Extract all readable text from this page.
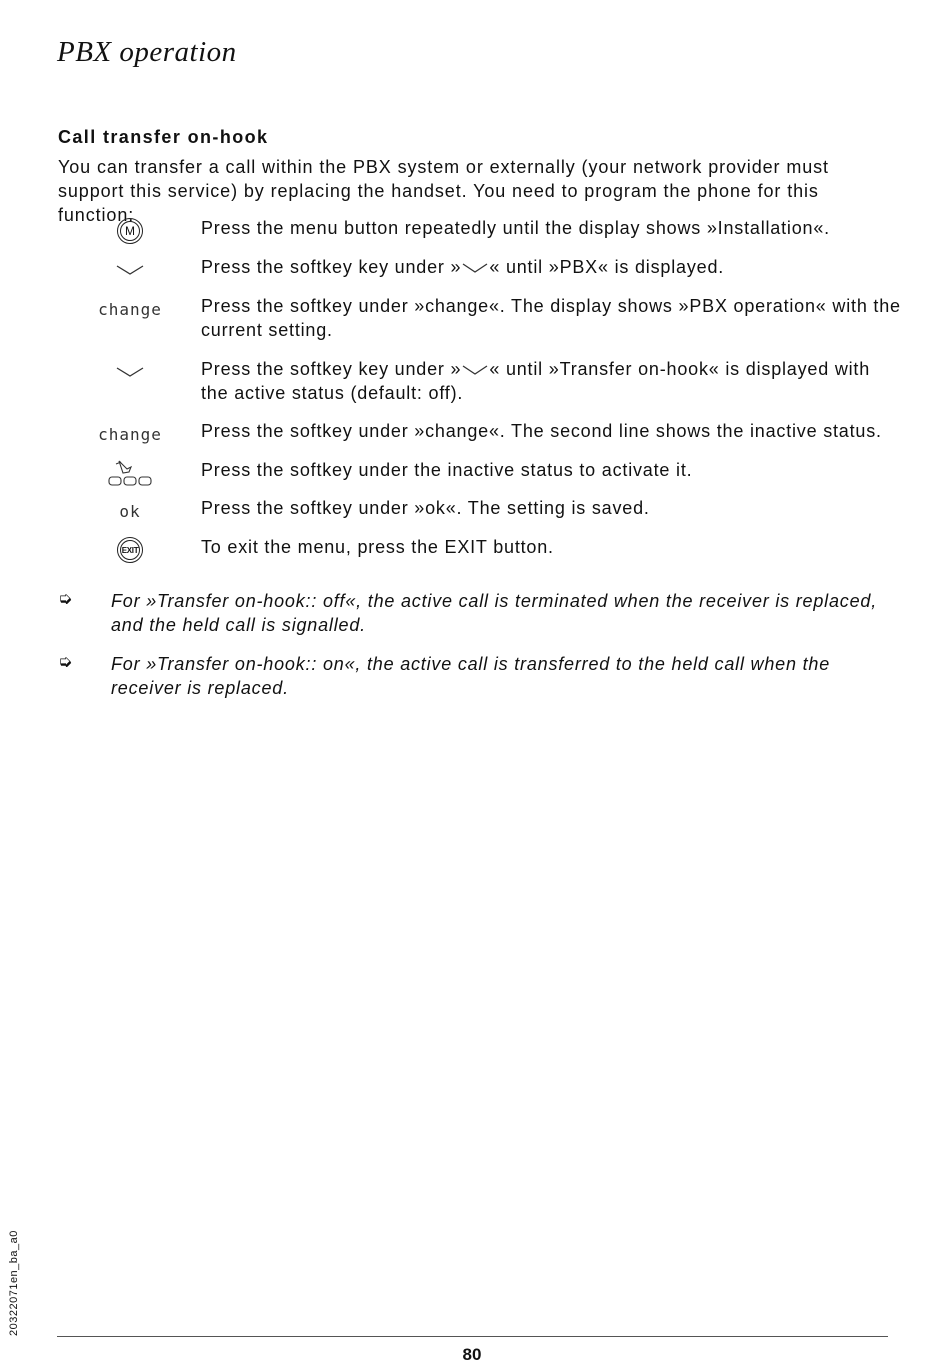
PBX operation
Call transfer on-hook
You can transfer a call within the PBX system or externally (your network provider must support this service) by replacing the handset. You need to program the phone for this function:
M	Press the menu button repeatedly until the display shows »Installation«.
Press the softkey key under » « until »PBX« is displayed.
change	Press the softkey under »change«. The display shows »PBX operation« with the current setting.
Press the softkey key under » « until »Transfer on-hook« is displayed with the active status (default: off).
change	Press the softkey under »change«. The second line shows the inactive status.
Press the softkey under the inactive status to activate it.
ok	Press the softkey under »ok«. The setting is saved.
EXIT	To exit the menu, press the EXIT button.
➭ For »Transfer on-hook:: off«, the active call is terminated when the receiver is replaced, and the held call is signalled.
➭ For »Transfer on-hook:: on«, the active call is transferred to the held call when the receiver is replaced.
20322071en_ba_a0
80
